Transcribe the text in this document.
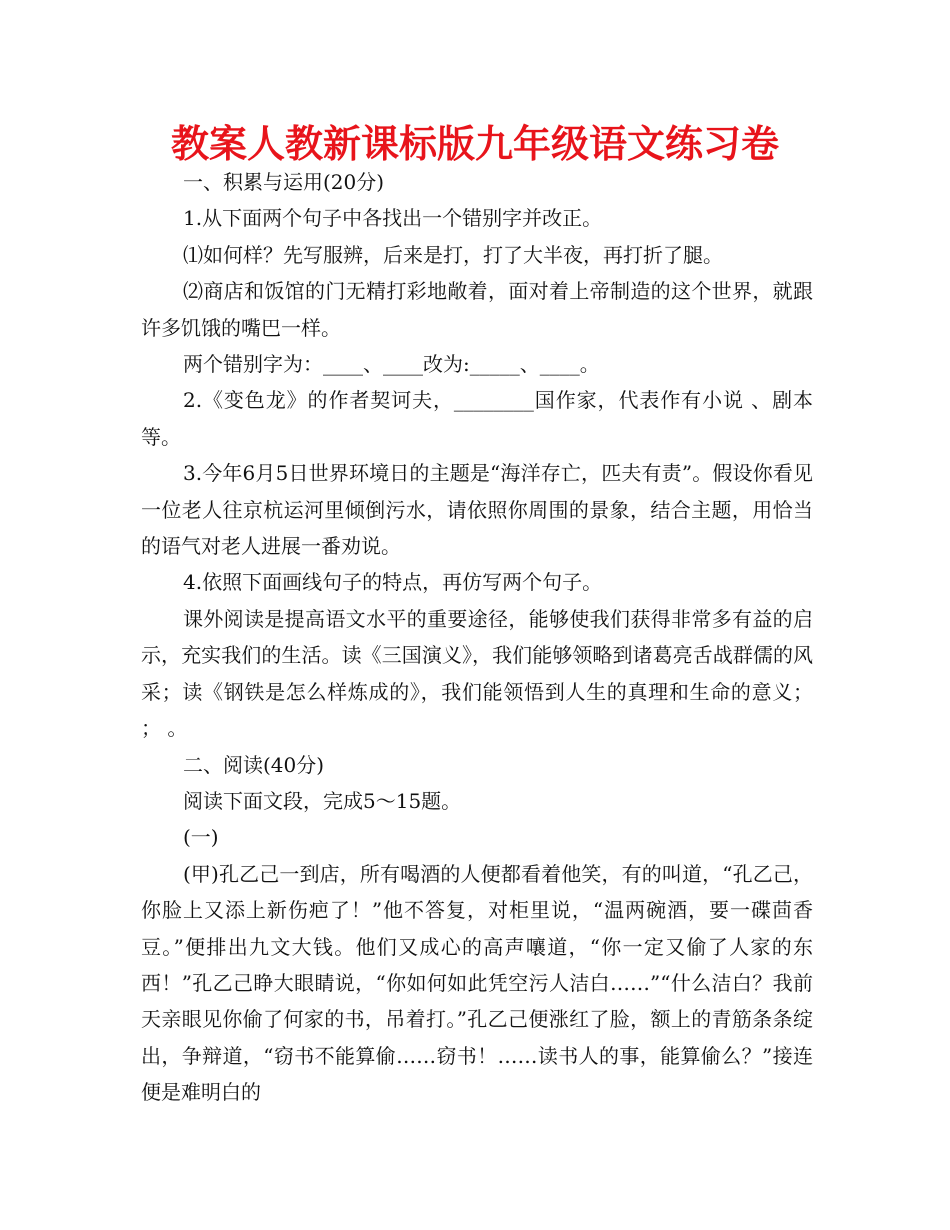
教案人教新课标版九年级语文练习卷

一、积累与运用(20分)

1.从下面两个句子中各找出一个错别字并改正。

⑴如何样？先写服辨，后来是打，打了大半夜，再打折了腿。

⑵商店和饭馆的门无精打彩地敞着，面对着上帝制造的这个世界，就跟许多饥饿的嘴巴一样。

两个错别字为：____、____改为:_____、____。

2.《变色龙》的作者契诃夫，________国作家，代表作有小说 、剧本 等。

3.今年6月5日世界环境日的主题是“海洋存亡，匹夫有责”。假设你看见一位老人往京杭运河里倾倒污水，请依照你周围的景象，结合主题，用恰当的语气对老人进展一番劝说。

4.依照下面画线句子的特点，再仿写两个句子。

课外阅读是提高语文水平的重要途径，能够使我们获得非常多有益的启示，充实我们的生活。读《三国演义》，我们能够领略到诸葛亮舌战群儒的风采；读《钢铁是怎么样炼成的》，我们能领悟到人生的真理和生命的意义； ； 。

二、阅读(40分)

阅读下面文段，完成5～15题。

(一)

(甲)孔乙己一到店，所有喝酒的人便都看着他笑，有的叫道，“孔乙己，你脸上又添上新伤疤了！”他不答复，对柜里说，“温两碗酒，要一碟茴香豆。”便排出九文大钱。他们又成心的高声嚷道，“你一定又偷了人家的东西！”孔乙己睁大眼睛说，“你如何如此凭空污人洁白……”“什么洁白？我前天亲眼见你偷了何家的书，吊着打。”孔乙己便涨红了脸，额上的青筋条条绽出，争辩道，“窃书不能算偷……窃书！……读书人的事，能算偷么？”接连便是难明白的
